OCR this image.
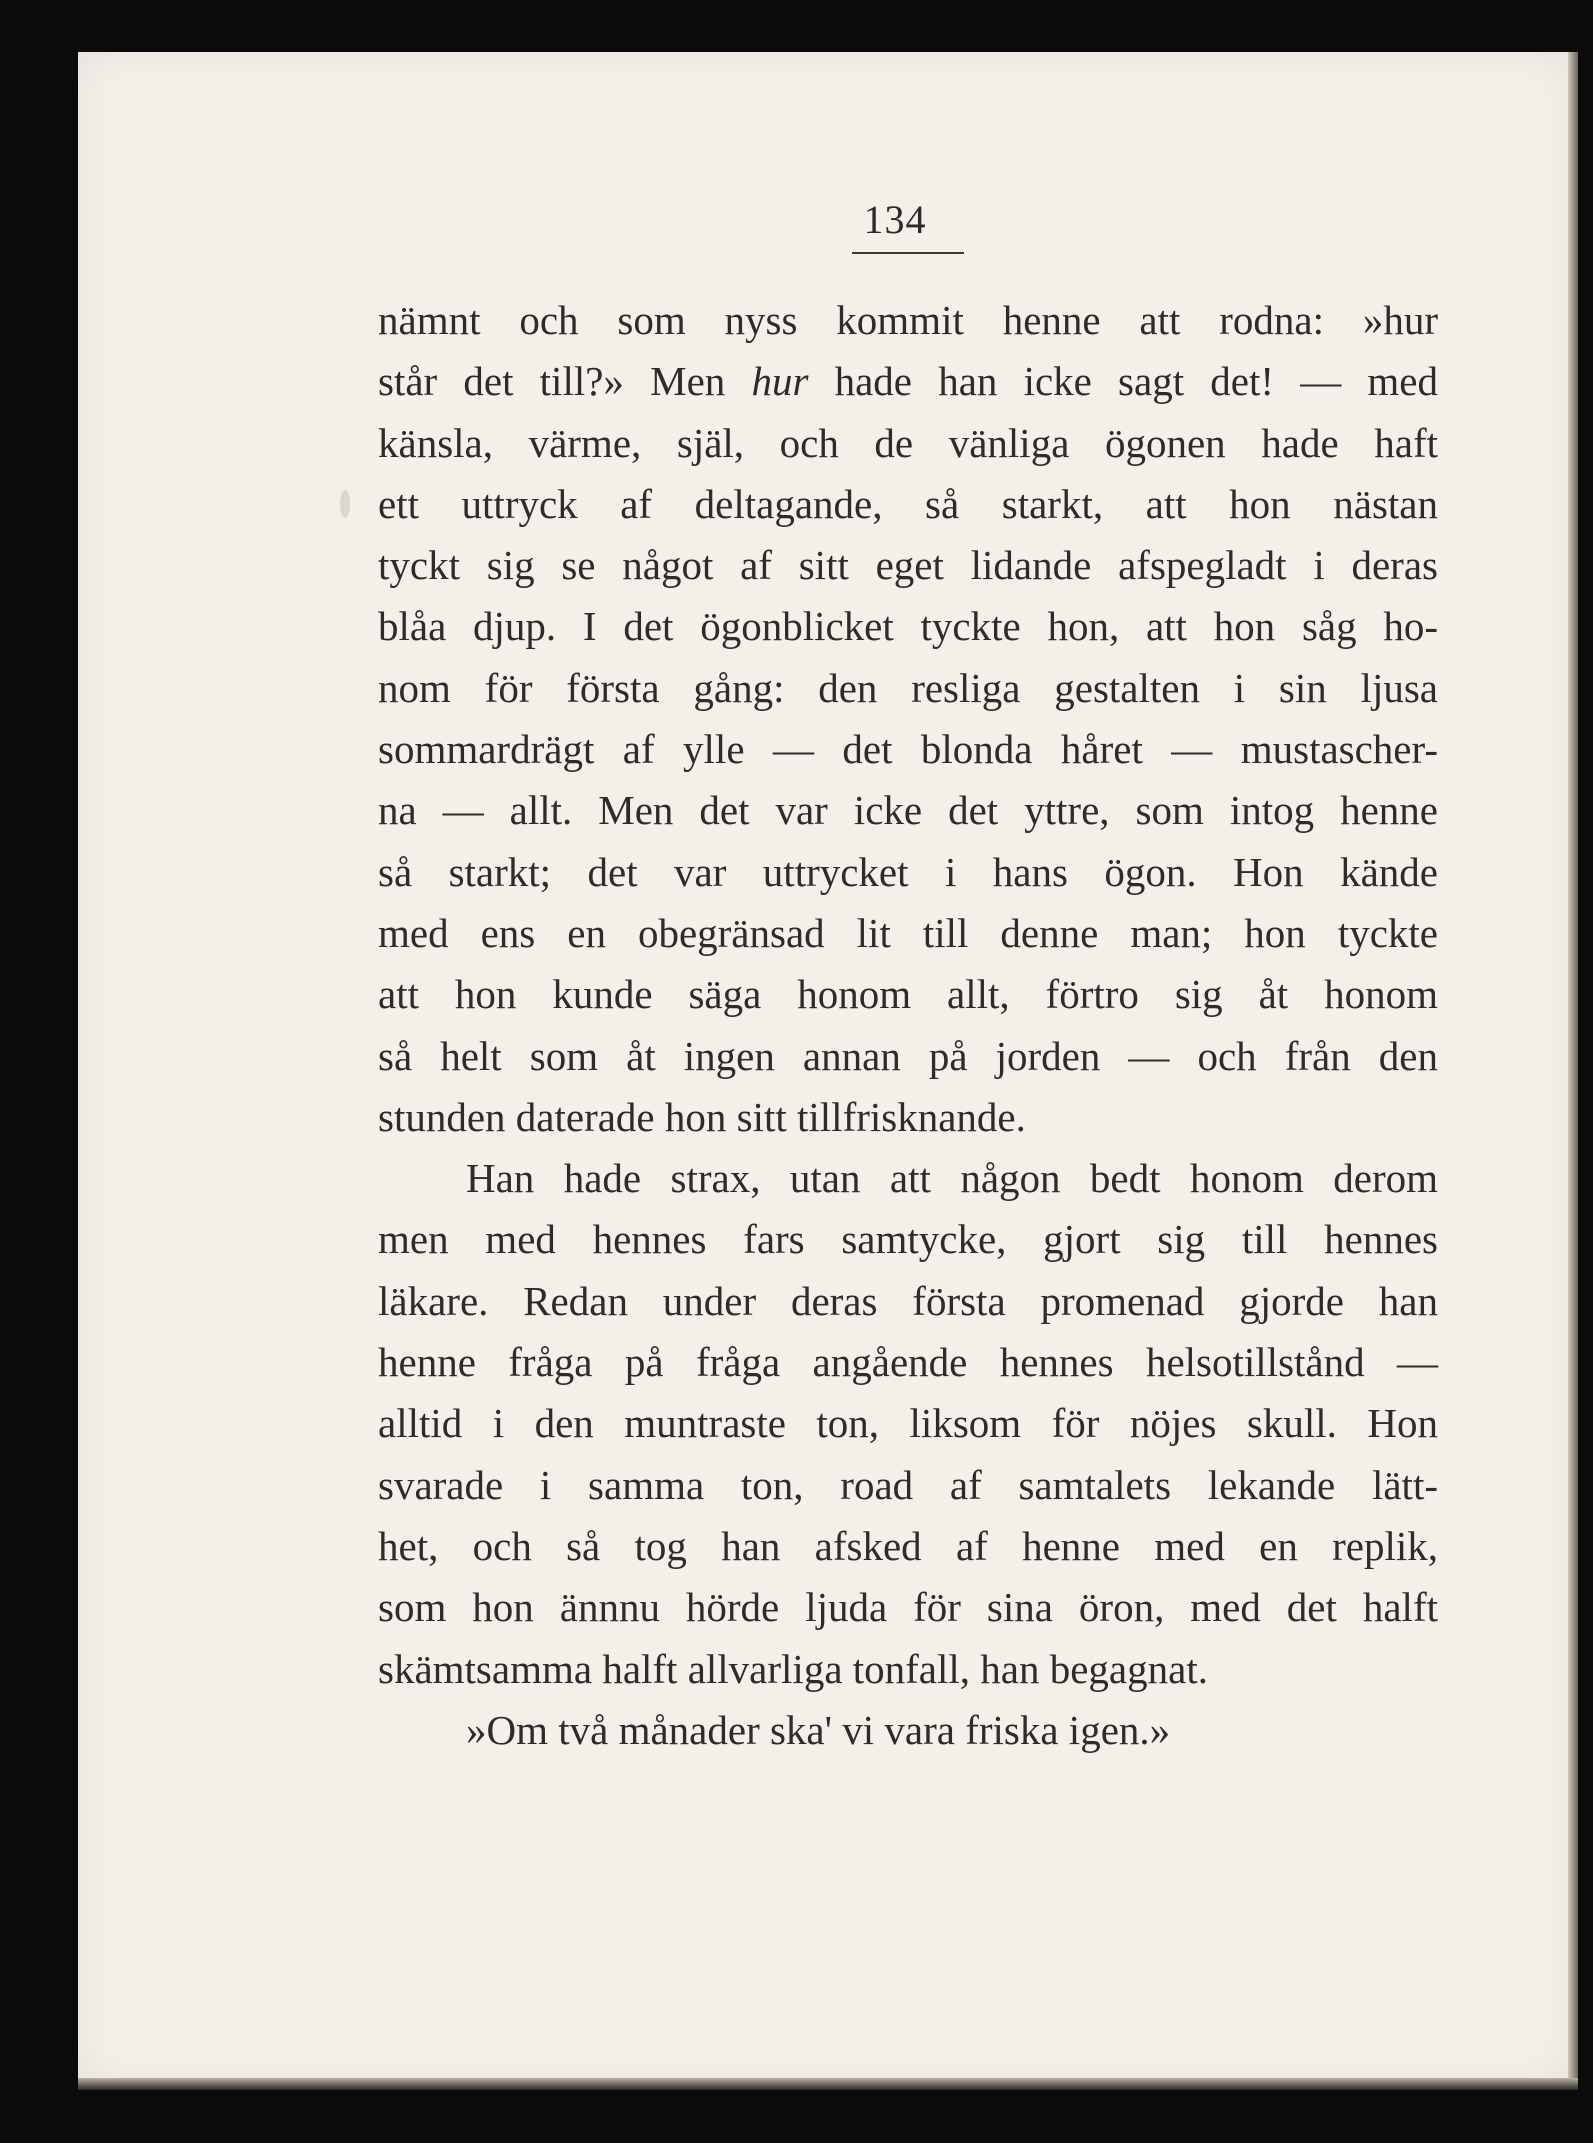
134
nämnt och som nyss kommit henne att rodna: »hur
står det till?» Men hur hade han icke sagt det! — med
känsla, värme, själ, och de vänliga ögonen hade haft
ett uttryck af deltagande, så starkt, att hon nästan
tyckt sig se något af sitt eget lidande afspegladt i deras
blåa djup. I det ögonblicket tyckte hon, att hon såg ho-
nom för första gång: den resliga gestalten i sin ljusa
sommardrägt af ylle — det blonda håret — mustascher-
na — allt. Men det var icke det yttre, som intog henne
så starkt; det var uttrycket i hans ögon. Hon kände
med ens en obegränsad lit till denne man; hon tyckte
att hon kunde säga honom allt, förtro sig åt honom
så helt som åt ingen annan på jorden — och från den
stunden daterade hon sitt tillfrisknande.
Han hade strax, utan att någon bedt honom derom
men med hennes fars samtycke, gjort sig till hennes
läkare. Redan under deras första promenad gjorde han
henne fråga på fråga angående hennes helsotillstånd —
alltid i den muntraste ton, liksom för nöjes skull. Hon
svarade i samma ton, road af samtalets lekande lätt-
het, och så tog han afsked af henne med en replik,
som hon ännnu hörde ljuda för sina öron, med det halft
skämtsamma halft allvarliga tonfall, han begagnat.
»Om två månader ska' vi vara friska igen.»
